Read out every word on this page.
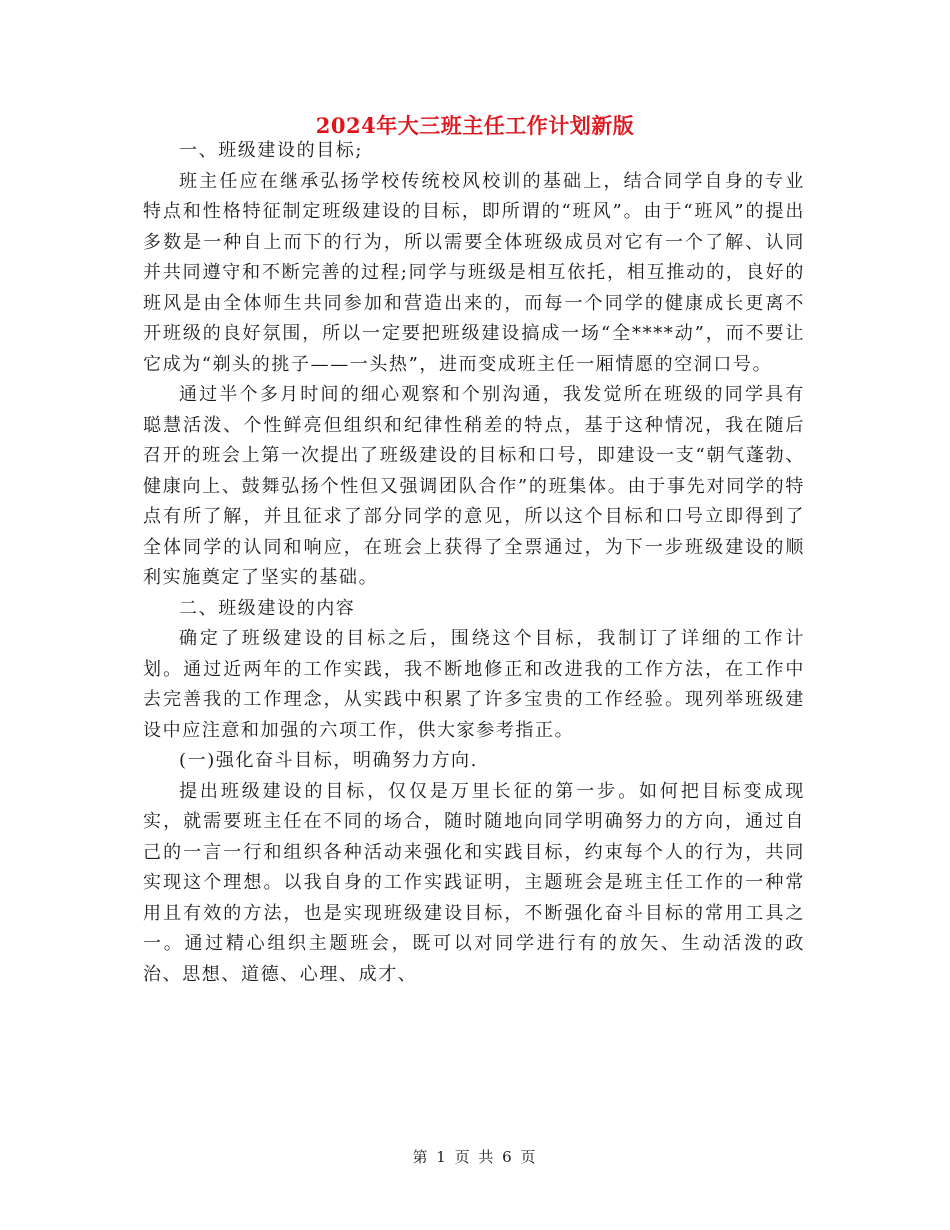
2024年大三班主任工作计划新版

一、班级建设的目标;

班主任应在继承弘扬学校传统校风校训的基础上，结合同学自身的专业特点和性格特征制定班级建设的目标，即所谓的“班风”。由于“班风”的提出多数是一种自上而下的行为，所以需要全体班级成员对它有一个了解、认同并共同遵守和不断完善的过程;同学与班级是相互依托，相互推动的，良好的班风是由全体师生共同参加和营造出来的，而每一个同学的健康成长更离不开班级的良好氛围，所以一定要把班级建设搞成一场“全****动”，而不要让它成为“剃头的挑子——一头热”，进而变成班主任一厢情愿的空洞口号。

通过半个多月时间的细心观察和个别沟通，我发觉所在班级的同学具有聪慧活泼、个性鲜亮但组织和纪律性稍差的特点，基于这种情况，我在随后召开的班会上第一次提出了班级建设的目标和口号，即建设一支“朝气蓬勃、健康向上、鼓舞弘扬个性但又强调团队合作”的班集体。由于事先对同学的特点有所了解，并且征求了部分同学的意见，所以这个目标和口号立即得到了全体同学的认同和响应，在班会上获得了全票通过，为下一步班级建设的顺利实施奠定了坚实的基础。

二、班级建设的内容

确定了班级建设的目标之后，围绕这个目标，我制订了详细的工作计划。通过近两年的工作实践，我不断地修正和改进我的工作方法，在工作中去完善我的工作理念，从实践中积累了许多宝贵的工作经验。现列举班级建设中应注意和加强的六项工作，供大家参考指正。

(一)强化奋斗目标，明确努力方向.

提出班级建设的目标，仅仅是万里长征的第一步。如何把目标变成现实，就需要班主任在不同的场合，随时随地向同学明确努力的方向，通过自己的一言一行和组织各种活动来强化和实践目标，约束每个人的行为，共同实现这个理想。以我自身的工作实践证明，主题班会是班主任工作的一种常用且有效的方法，也是实现班级建设目标，不断强化奋斗目标的常用工具之一。通过精心组织主题班会，既可以对同学进行有的放矢、生动活泼的政治、思想、道德、心理、成才、

第 1 页 共 6 页
